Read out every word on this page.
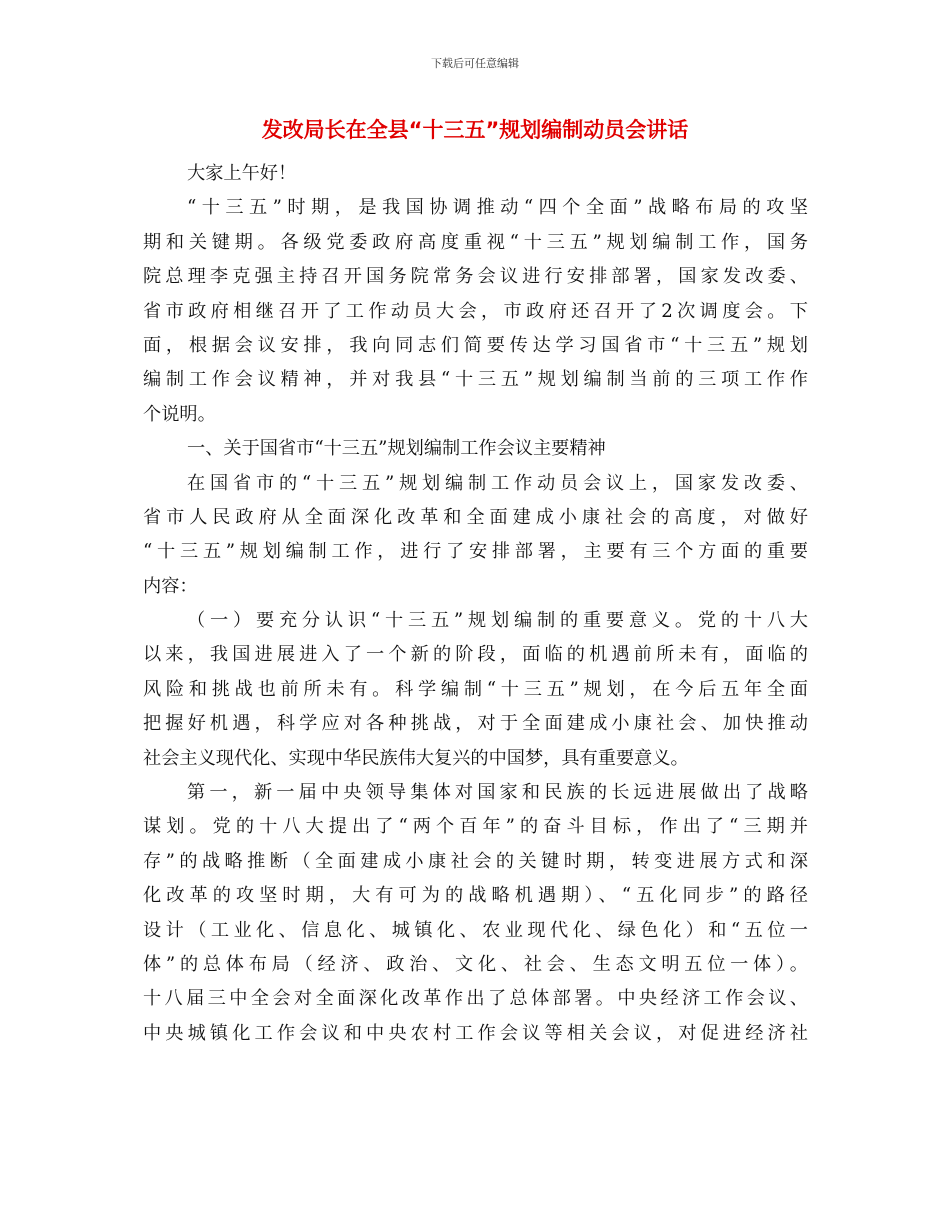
下载后可任意编辑
发改局长在全县“十三五”规划编制动员会讲话
大家上午好！
“十三五”时期，是我国协调推动“四个全面”战略布局的攻坚
期和关键期。各级党委政府高度重视“十三五”规划编制工作，国务
院总理李克强主持召开国务院常务会议进行安排部署，国家发改委、
省市政府相继召开了工作动员大会，市政府还召开了2次调度会。下
面，根据会议安排，我向同志们简要传达学习国省市“十三五”规划
编制工作会议精神，并对我县“十三五”规划编制当前的三项工作作
个说明。
一、关于国省市“十三五”规划编制工作会议主要精神
在国省市的“十三五”规划编制工作动员会议上，国家发改委、
省市人民政府从全面深化改革和全面建成小康社会的高度，对做好
“十三五”规划编制工作，进行了安排部署，主要有三个方面的重要
内容：
（一）要充分认识“十三五”规划编制的重要意义。党的十八大
以来，我国进展进入了一个新的阶段，面临的机遇前所未有，面临的
风险和挑战也前所未有。科学编制“十三五”规划，在今后五年全面
把握好机遇，科学应对各种挑战，对于全面建成小康社会、加快推动
社会主义现代化、实现中华民族伟大复兴的中国梦，具有重要意义。
第一，新一届中央领导集体对国家和民族的长远进展做出了战略
谋划。党的十八大提出了“两个百年”的奋斗目标，作出了“三期并
存”的战略推断（全面建成小康社会的关键时期，转变进展方式和深
化改革的攻坚时期，大有可为的战略机遇期）、“五化同步”的路径
设计（工业化、信息化、城镇化、农业现代化、绿色化）和“五位一
体”的总体布局（经济、政治、文化、社会、生态文明五位一体）。
十八届三中全会对全面深化改革作出了总体部署。中央经济工作会议、
中央城镇化工作会议和中央农村工作会议等相关会议，对促进经济社
